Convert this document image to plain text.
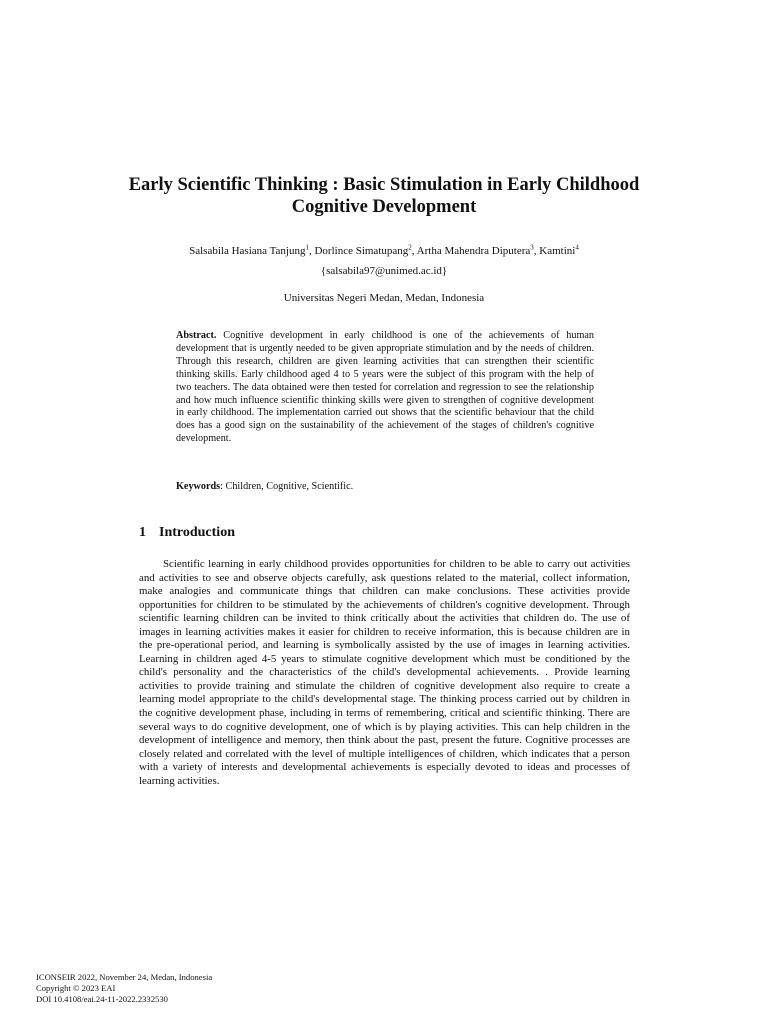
Early Scientific Thinking : Basic Stimulation in Early Childhood Cognitive Development
Salsabila Hasiana Tanjung$^1$, Dorlince Simatupang$^2$, Artha Mahendra Diputera$^3$, Kamtini$^4$
{salsabila97@unimed.ac.id}
Universitas Negeri Medan, Medan, Indonesia

Abstract. Cognitive development in early childhood is one of the achievements of human development that is urgently needed to be given appropriate stimulation and by the needs of children. Through this research, children are given learning activities that can strengthen their scientific thinking skills. Early childhood aged 4 to 5 years were the subject of this program with the help of two teachers. The data obtained were then tested for correlation and regression to see the relationship and how much influence scientific thinking skills were given to strengthen of cognitive development in early childhood. The implementation carried out shows that the scientific behaviour that the child does has a good sign on the sustainability of the achievement of the stages of children's cognitive development.

Keywords: Children, Cognitive, Scientific.
1 Introduction

Scientific learning in early childhood provides opportunities for children to be able to carry out activities and activities to see and observe objects carefully, ask questions related to the material, collect information, make analogies and communicate things that children can make conclusions. These activities provide opportunities for children to be stimulated by the achievements of children's cognitive development. Through scientific learning children can be invited to think critically about the activities that children do. The use of images in learning activities makes it easier for children to receive information, this is because children are in the pre-operational period, and learning is symbolically assisted by the use of images in learning activities. Learning in children aged 4-5 years to stimulate cognitive development which must be conditioned by the child's personality and the characteristics of the child's developmental achievements. . Provide learning activities to provide training and stimulate the children of cognitive development also require to create a learning model appropriate to the child's developmental stage. The thinking process carried out by children in the cognitive development phase, including in terms of remembering, critical and scientific thinking. There are several ways to do cognitive development, one of which is by playing activities. This can help children in the development of intelligence and memory, then think about the past, present the future. Cognitive processes are closely related and correlated with the level of multiple intelligences of children, which indicates that a person with a variety of interests and developmental achievements is especially devoted to ideas and processes of learning activities.

ICONSEIR 2022, November 24, Medan, Indonesia
Copyright © 2023 EAI
DOI 10.4108/eai.24-11-2022.2332530
